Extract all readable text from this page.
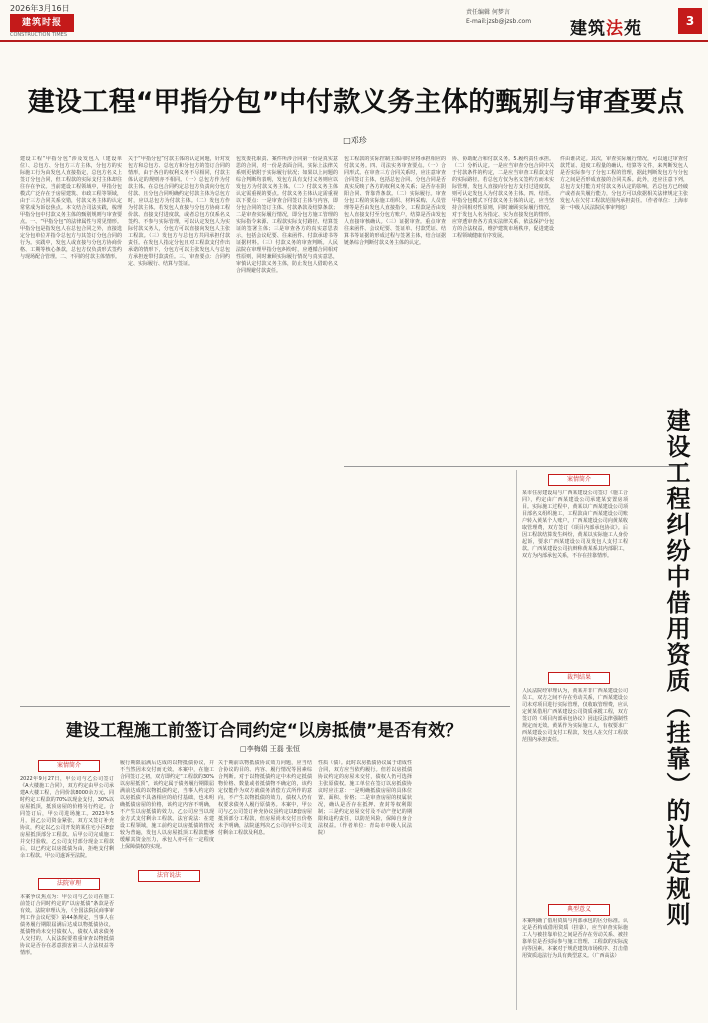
2026年3月16日
建筑时报
CONSTRUCTION TIMES
责任编辑 何梦言
E-mail:jzsb@jzsb.com 建筑法苑	3
建设工程“甲指分包”中付款义务主体的甄别与审查要点
□邓珍
建设工程“甲指分包”涉及发包人（建设单位）、总包方、分包方三方主体，分包方的实际施工行为由发包人直接指定，总包方名义上签订分包合同，但工程款的实际支付主体却往往存在争议。当前建设工程领域中，甲指分包模式广泛存在于房屋建筑、市政工程等领域，由于三方合同关系交错，付款义务主体的认定常常成为诉讼焦点。本文结合司法实践，梳理甲指分包中付款义务主体的甄别规则与审查要点。一、“甲指分包”的法律属性与常见情形。甲指分包是指发包人在总包合同之外，直接选定分包单位并指令总包方与其签订分包合同的行为。实践中，发包人或直接与分包方协商价格、工期等核心条款，总包方仅负责形式签约与现场配合管理。二、不同的付款主体情形。
关于“甲指分包”付款主体的认定问题，针对发包方和总包方、总包方和分包方的签订合同的情形，由于各自的权利义务不尽相同，付款主体认定的规则亦不相同。（一）总包方作为付款主体。在总包合同约定总包方负责向分包方付款、且分包合同明确约定付款主体为总包方时，应以总包方为付款主体。（二）发包方作为付款主体。若发包人直接与分包方协商工程价款、直接支付进度款，或者总包方仅系名义签约、不参与实际管理，可以认定发包人为实际付款义务人，分包方可以直接向发包人主张工程款。（三）发包方与总包方共同承担付款责任。在发包人指定分包且对工程款支付作出承诺的情形下，分包方可以主张发包人与总包方承担连带付款责任。三、审查要点：合同约定、实际履行、结算与签证。
包发委托职责、案件所涉合同第一份是真实意思的合同，对一份是表面合同。实际上法律关系则更依附于实际履行状况；如果以上问题的综合判断均表明，发包方具有支付义务则应以发包方为付款义务主体。（二）付款义务主体认定需重视的要点。付款义务主体认定需重视以下要点：一是审查合同签订主体与内容，即分包合同的签订主体、付款条款及结算条款；二是审查实际履行情况，即分包方施工管理的实际指令来源、工程款实际支付路径、结算签证的签署主体；三是审查各方的真实意思表示，包括会议纪要、往来函件、付款承诺书等证据材料。（三）付款义务的审查判断。人民法院在审理甲指分包纠纷时，应遵循合同相对性原则，同时兼顾实际履行情况与真实意思，审慎认定付款义务主体，防止发包人借助名义合同规避付款责任。
包工程款的实际控制主体同时应将承担相应的付款义务。四、司法实务审查要点。（一）合同形式。在审查三方合同关系时，应注意审查合同签订主体，包括总包合同、分包合同是否真实反映了各方的权利义务关系；是否存在阴阳合同、背靠背条款。（二）实际履行。审查分包工程的实际施工组织、材料采购、人员管理等是否由发包人直接指令，工程款是否由发包人直接支付至分包方账户，结算是否由发包人直接审核确认。（三）证据审查。重点审查往来函件、会议纪要、签证单、付款凭证、结算书等证据的形成过程与签署主体，结合证据链条综合判断付款义务主体的认定。
协、协助配合和付款义务。5.履约责任承担。（二）分析认定。一是应当审查分包合同中关于付款条件的约定，二是应当审查工程款支付的实际路径。若总包方仅为名义签约方而未实际管理，发包人直接向分包方支付过进度款，则可认定发包人为付款义务主体。四、结语。甲指分包模式下付款义务主体的认定，应当坚持合同相对性原则，同时兼顾实际履行情况，对于发包人名为指定、实为直接发包的情形，应穿透审查各方真实法律关系，依法保护分包方的合法权益，维护建筑市场秩序，促进建设工程领域健康有序发展。
件由谁决定。其次，审查实际履行情况，可以通过审查付款凭证、进度工程量的确认、结算等文件，来判断发包人是否实际参与了分包工程的管理，据此判断发包方与分包方之间是否形成直接的合同关系。此外，还应注意下列，总包方支付能力对付款义务认定的影响，若总包方已经破产或者丧失履行能力，分包方可以依据相关法律规定主张发包人在欠付工程款范围内承担责任。（作者单位：上海市第一中级人民法院民事审判庭）
建设工程施工前签订合同约定“以房抵债”是否有效？
□李梅娟 王磊 张恒
案情简介
2022年9月27日，甲公司与乙公司签订《A大楼施工合同》，双方约定由甲公司承建A大楼工程，合同价款8000余万元，同时约定工程款的70%以现金支付，30%以房屋抵顶，抵顶房屋的价格另行约定。合同签订后，甲公司进场施工。2023年5月，因乙公司资金紧张，双方又签订补充协议，约定以乙公司开发的某住宅小区8套房屋抵顶部分工程款。后甲公司完成施工并交付验收，乙公司支付部分现金工程款后，以已约定以房抵债为由，拒绝支付剩余工程款。甲公司遂诉至法院。
法院审理
本案争议焦点为：甲公司与乙公司在施工前签订合同时约定的“以房抵债”条款是否有效。法院审理认为，《全国法院民商事审判工作会议纪要》第44条规定，当事人在债务履行期限届满后达成以物抵债协议，抵债物尚未交付债权人，债权人请求债务人交付的，人民法院要着重审查以物抵债协议是否存在恶意损害第三人合法权益等情形。
履行期限届满后达成的以物抵债协议，并不当然因未交付而无效。本案中，在施工合同签订之初，双方即约定“工程款的30%以房屋抵顶”，该约定属于债务履行期限届满前达成的以物抵债约定，当事人约定的以房抵债不具备相应的给付基础，也未明确抵债房屋的价格，该约定内容不明确，不产生以房抵债的效力。乙公司应当以现金方式支付剩余工程款。法官说法：在建设工程领域，施工前约定以房抵债的情况较为普遍，发包人以房屋抵顶工程款能够缓解其资金压力，承包人亦可在一定程度上保障债权的实现。
法官说法
关于期前以物抵债协议效力问题，应当结合协议的目的、内容、履行情况等因素综合判断。对于以物抵债约定中未约定抵债物价格、数量或者抵债物不确定的，该约定仅能作为双方就债务清偿方式所作的意向，不产生以物抵债的效力，债权人仍有权要求债务人履行原债务。本案中，甲公司与乙公司签订补充协议虽约定以8套房屋抵顶部分工程款，但房屋尚未交付且价格未予明确，法院遂判决乙公司向甲公司支付剩余工程款及利息。
性质（债）。此时以房抵债协议属于诺成性合同，双方应当依约履行。但若以房抵债协议约定的房屋未交付，债权人仍可选择主张原债权。施工单位在签订以房抵债协议时应注意：一是明确抵债房屋的具体位置、面积、价格；二是审查房屋的权属状况，确认是否存在抵押、查封等权利限制；三是约定房屋交付及不动产登记的期限和违约责任，以防范风险，保障自身合法权益。（作者单位：青岛市中级人民法院）
案情简介
某市住房建设局与广西某建设公司签订《施工合同》，约定由广西某建设公司承建某安置房项目。实际施工过程中，黄某以广西某建设公司项目部名义组织施工，工程款由广西某建设公司账户转入黄某个人账户。广西某建设公司向黄某收取管理费，双方签订《项目内部承包协议》。后因工程款结算发生纠纷，黄某以实际施工人身份起诉，要求广西某建设公司及发包人支付工程款。广西某建设公司抗辩称黄某系其内部职工，双方为内部承包关系，不存在挂靠情形。
裁判结果
人民法院经审理认为，黄某并非广西某建设公司员工，双方之间不存在劳动关系，广西某建设公司未对项目进行实际管理，仅收取管理费，应认定黄某借用广西某建设公司资质承揽工程，双方签订的《项目内部承包协议》因违反法律强制性规定而无效。黄某作为实际施工人，有权要求广西某建设公司支付工程款，发包人在欠付工程款范围内承担责任。
典型意义
本案明确了借用资质与内部承包的区分标准。认定是否构成借用资质（挂靠），应当审查实际施工人与被挂靠单位之间是否存在劳动关系、被挂靠单位是否实际参与施工管理、工程款的实际流向等因素。本案对于规范建筑市场秩序、打击借用资质违法行为具有典型意义。（广西高法）
建设工程纠纷中借用资质（挂靠）的认定规则
